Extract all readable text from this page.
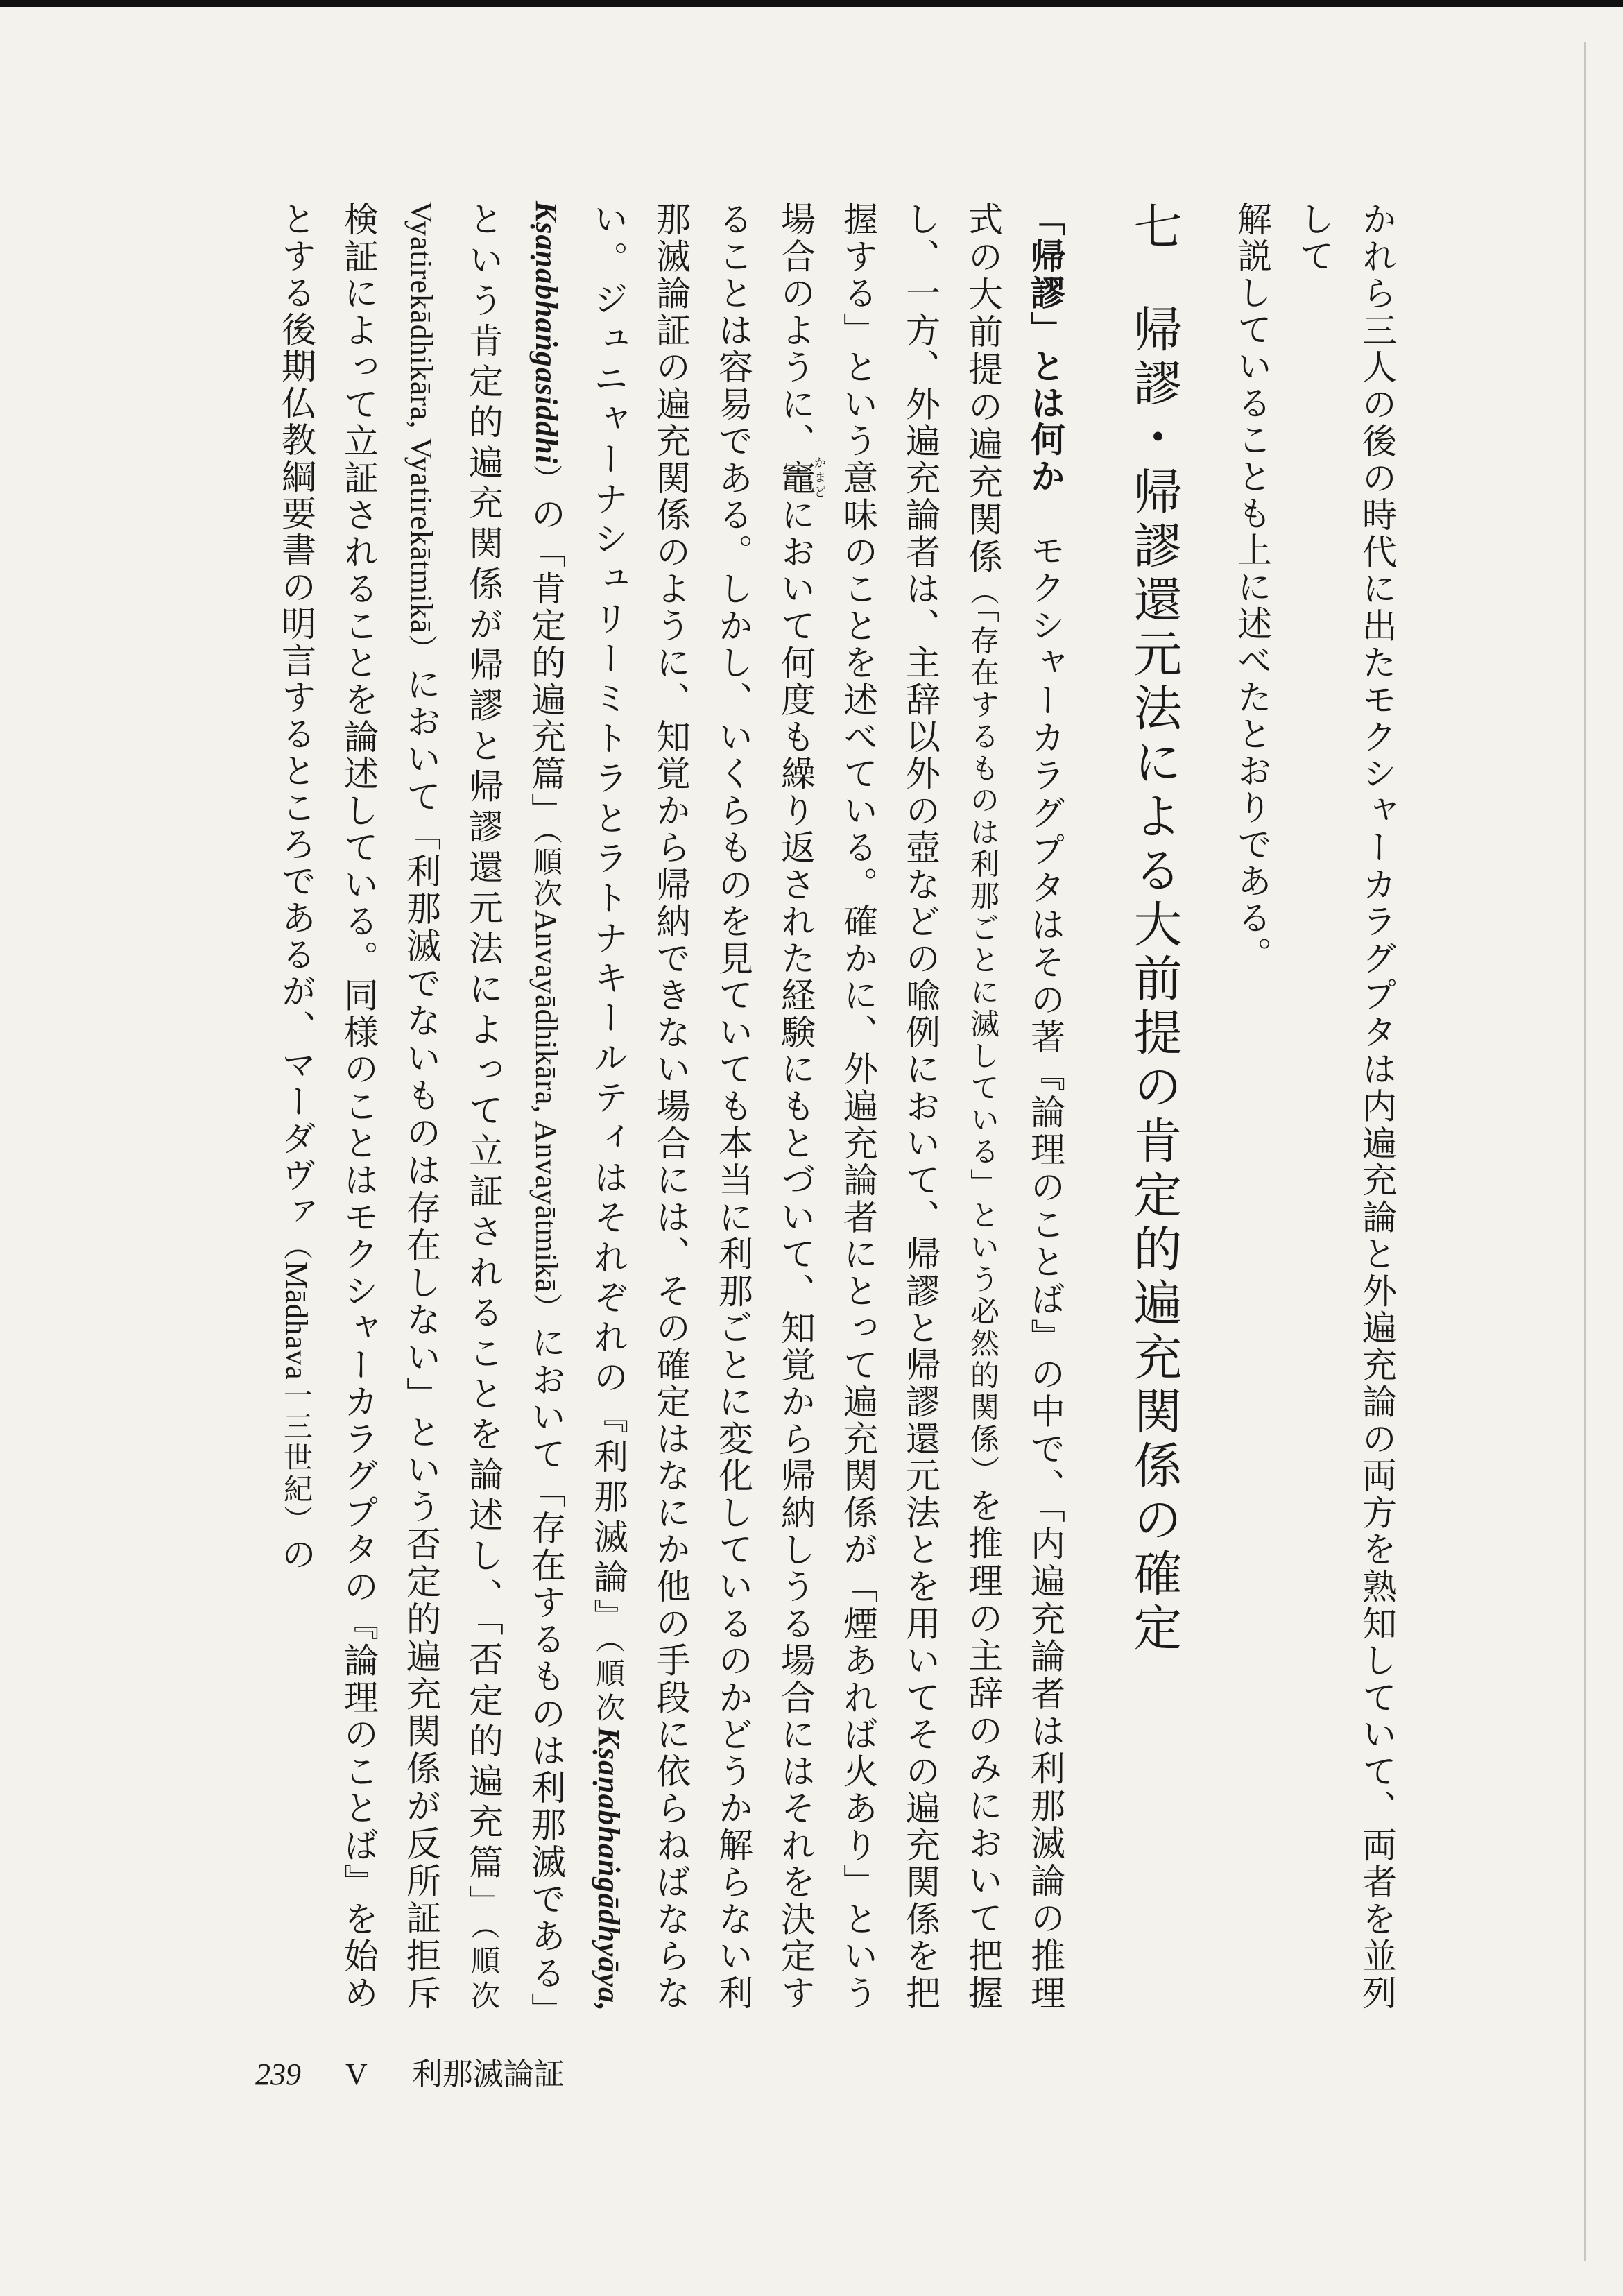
かれら三人の後の時代に出たモクシャーカラグプタは内遍充論と外遍充論の両方を熟知していて、両者を並列して
解説していることも上に述べたとおりである。

七帰謬・帰謬還元法による大前提の肯定的遍充関係の確定

「帰謬」とは何か　モクシャーカラグプタはその著『論理のことば』の中で、「内遍充論者は利那滅論の推理式の大前提の遍充関係（「存在するものは利那ごとに滅している」という必然的関係）を推理の主辞のみにおいて把握し、一方、外遍充論者は、主辞以外の壺などの喩例において、帰謬と帰謬還元法とを用いてその遍充関係を把握する」という意味のことを述べている。確かに、外遍充論者にとって遍充関係が「煙あれば火あり」という場合のように、竈かまどにおいて何度も繰り返された経験にもとづいて、知覚から帰納しうる場合にはそれを決定することは容易である。しかし、いくらものを見ていても本当に利那ごとに変化しているのかどうか解らない利那滅論証の遍充関係のように、知覚から帰納できない場合には、その確定はなにか他の手段に依らねばならない。ジュニャーナシュリーミトラとラトナキールティはそれぞれの『利那滅論』（順次Kṣaṇabhaṅgādhyāya, Kṣaṇabhaṅgasiddhi）の「肯定的遍充篇」（順次Anvayādhikāra, Anvayātmikā）において「存在するものは利那滅である」という肯定的遍充関係が帰謬と帰謬還元法によって立証されることを論述し、「否定的遍充篇」（順次Vyatirekādhikāra, Vyatirekātmikā）において「利那滅でないものは存在しない」という否定的遍充関係が反所証拒斥検証によって立証されることを論述している。同様のことはモクシャーカラグプタの『論理のことば』を始めとする後期仏教綱要書の明言するところであるが、マーダヴァ（Mādhava一三世紀）の

239 V 利那滅論証
